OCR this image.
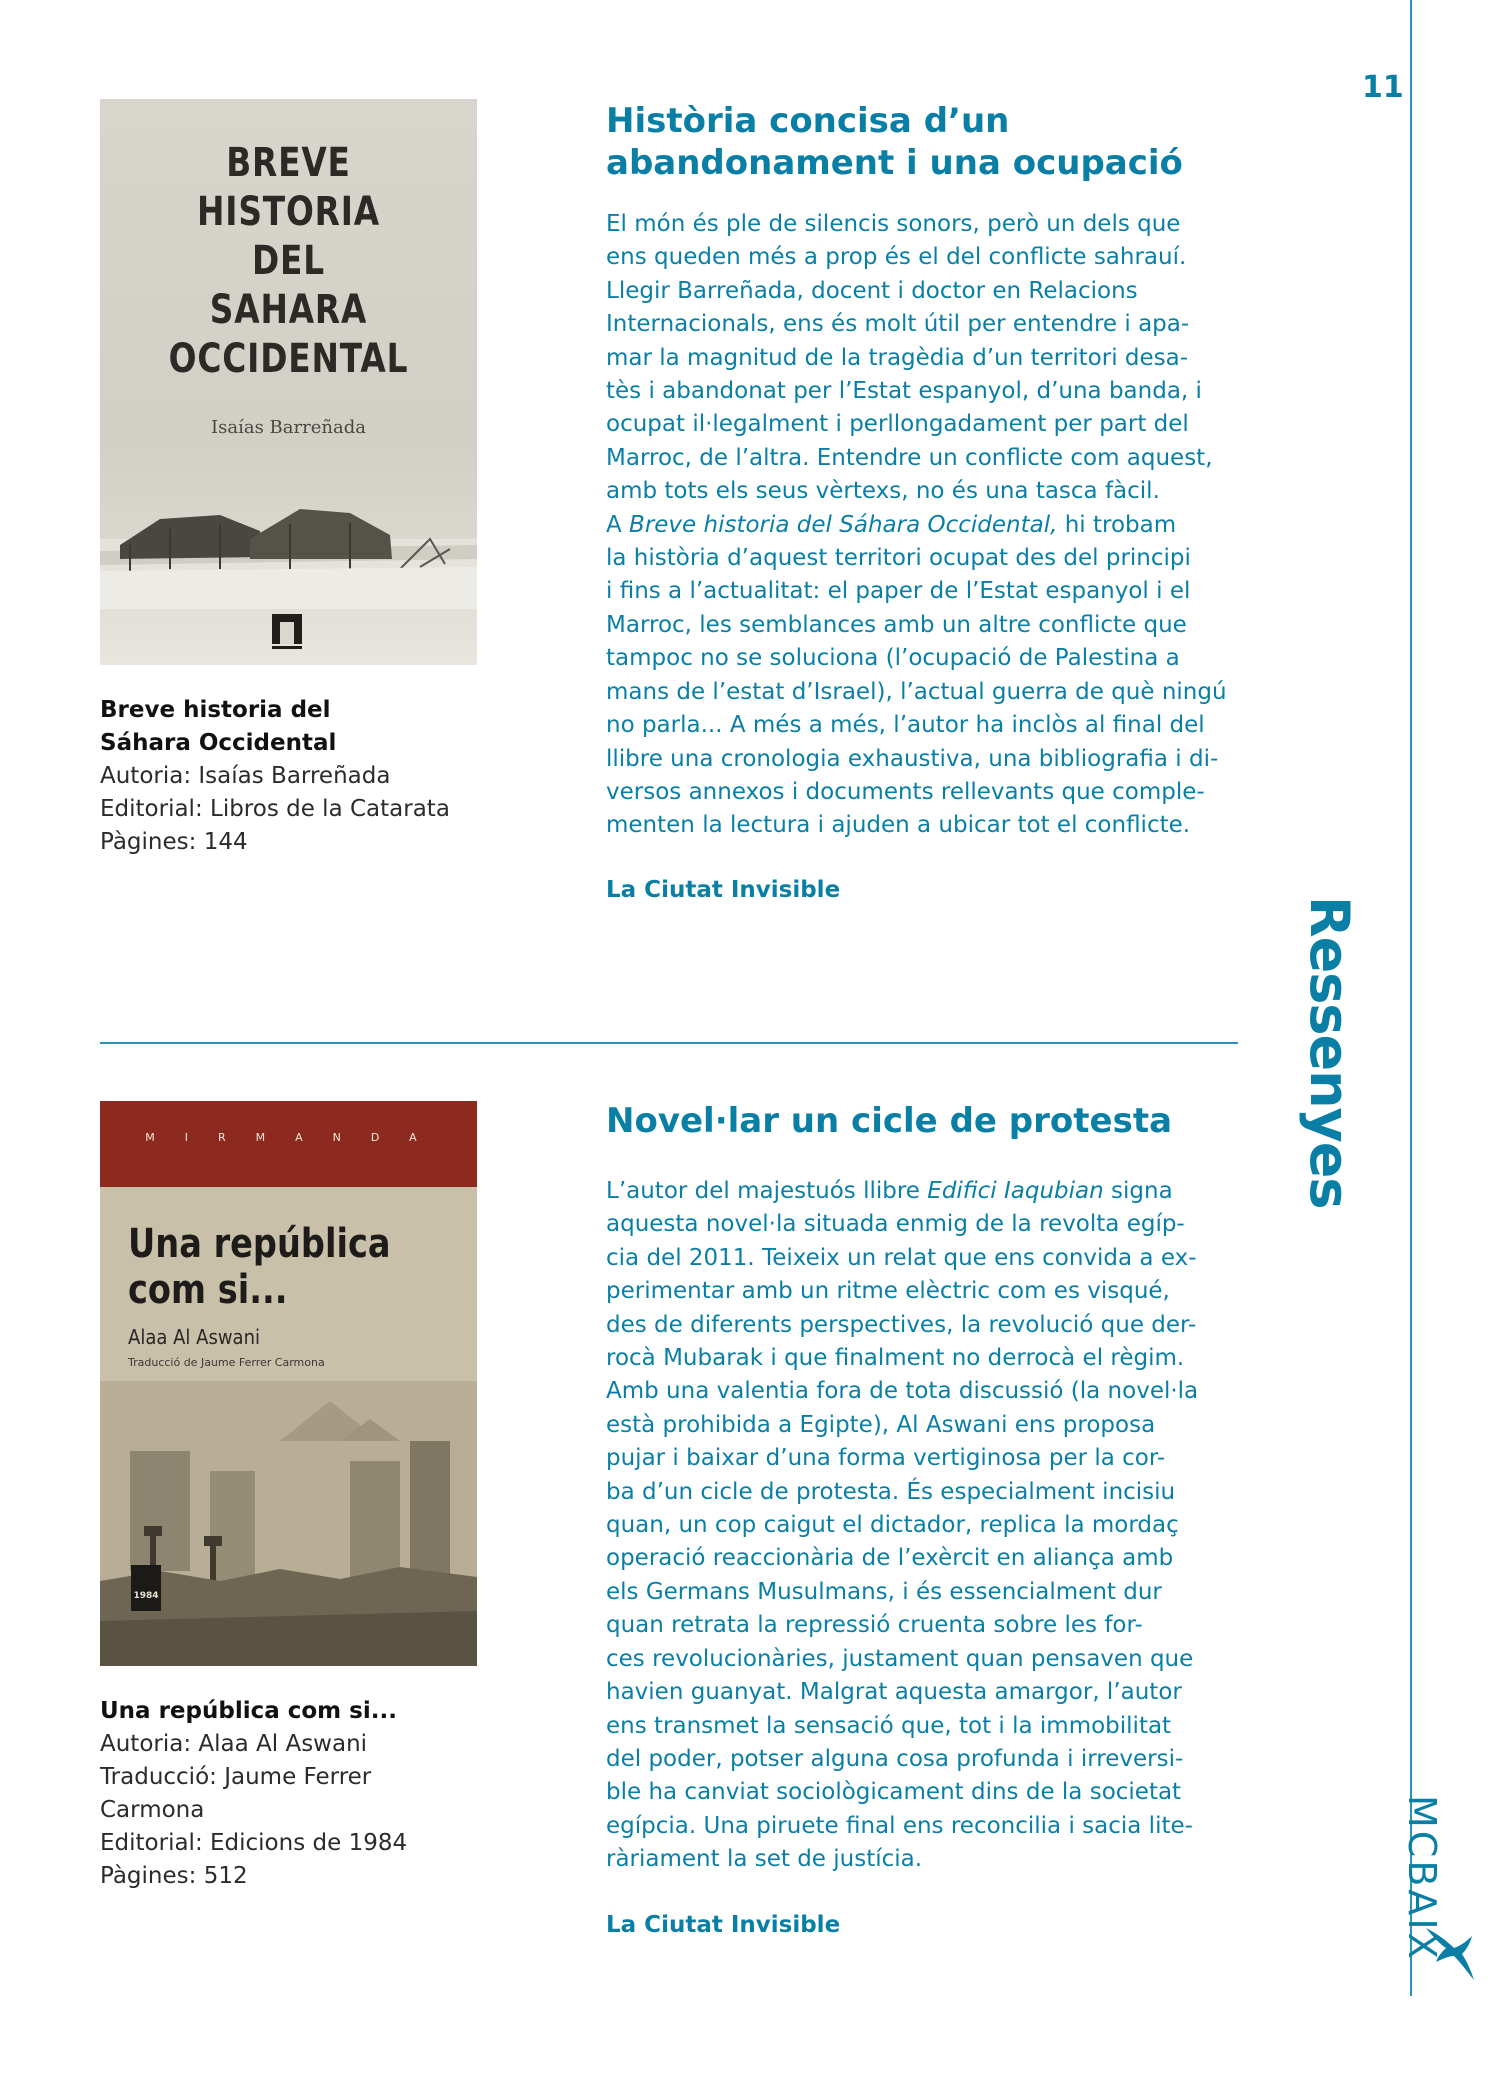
11
Ressenyes
MCBAIX
BREVE
HISTORIA
DEL
SAHARA
OCCIDENTAL
Isaías Barreñada
Breve historia del
Sáhara Occidental
Autoria: Isaías Barreñada
Editorial: Libros de la Catarata
Pàgines: 144
Història concisa d’un
abandonament i una ocupació
El món és ple de silencis sonors, però un dels que
ens queden més a prop és el del conflicte sahrauí.
Llegir Barreñada, docent i doctor en Relacions
Internacionals, ens és molt útil per entendre i apa-
mar la magnitud de la tragèdia d’un territori desa-
tès i abandonat per l’Estat espanyol, d’una banda, i
ocupat il·legalment i perllongadament per part del
Marroc, de l’altra. Entendre un conflicte com aquest,
amb tots els seus vèrtexs, no és una tasca fàcil.
A Breve historia del Sáhara Occidental, hi trobam
la història d’aquest territori ocupat des del principi
i fins a l’actualitat: el paper de l’Estat espanyol i el
Marroc, les semblances amb un altre conflicte que
tampoc no se soluciona (l’ocupació de Palestina a
mans de l’estat d’Israel), l’actual guerra de què ningú
no parla... A més a més, l’autor ha inclòs al final del
llibre una cronologia exhaustiva, una bibliografia i di-
versos annexos i documents rellevants que comple-
menten la lectura i ajuden a ubicar tot el conflicte.
La Ciutat Invisible
MIRMANDA
Una república
com si...
Alaa Al Aswani
Traducció de Jaume Ferrer Carmona
1984
Una república com si...
Autoria: Alaa Al Aswani
Traducció: Jaume Ferrer
Carmona
Editorial: Edicions de 1984
Pàgines: 512
Novel·lar un cicle de protesta
L’autor del majestuós llibre Edifici Iaqubian signa
aquesta novel·la situada enmig de la revolta egíp-
cia del 2011. Teixeix un relat que ens convida a ex-
perimentar amb un ritme elèctric com es visqué,
des de diferents perspectives, la revolució que der-
rocà Mubarak i que finalment no derrocà el règim.
Amb una valentia fora de tota discussió (la novel·la
està prohibida a Egipte), Al Aswani ens proposa
pujar i baixar d’una forma vertiginosa per la cor-
ba d’un cicle de protesta. És especialment incisiu
quan, un cop caigut el dictador, replica la mordaç
operació reaccionària de l’exèrcit en aliança amb
els Germans Musulmans, i és essencialment dur
quan retrata la repressió cruenta sobre les for-
ces revolucionàries, justament quan pensaven que
havien guanyat. Malgrat aquesta amargor, l’autor
ens transmet la sensació que, tot i la immobilitat
del poder, potser alguna cosa profunda i irreversi-
ble ha canviat sociològicament dins de la societat
egípcia. Una piruete final ens reconcilia i sacia lite-
ràriament la set de justícia.
La Ciutat Invisible
